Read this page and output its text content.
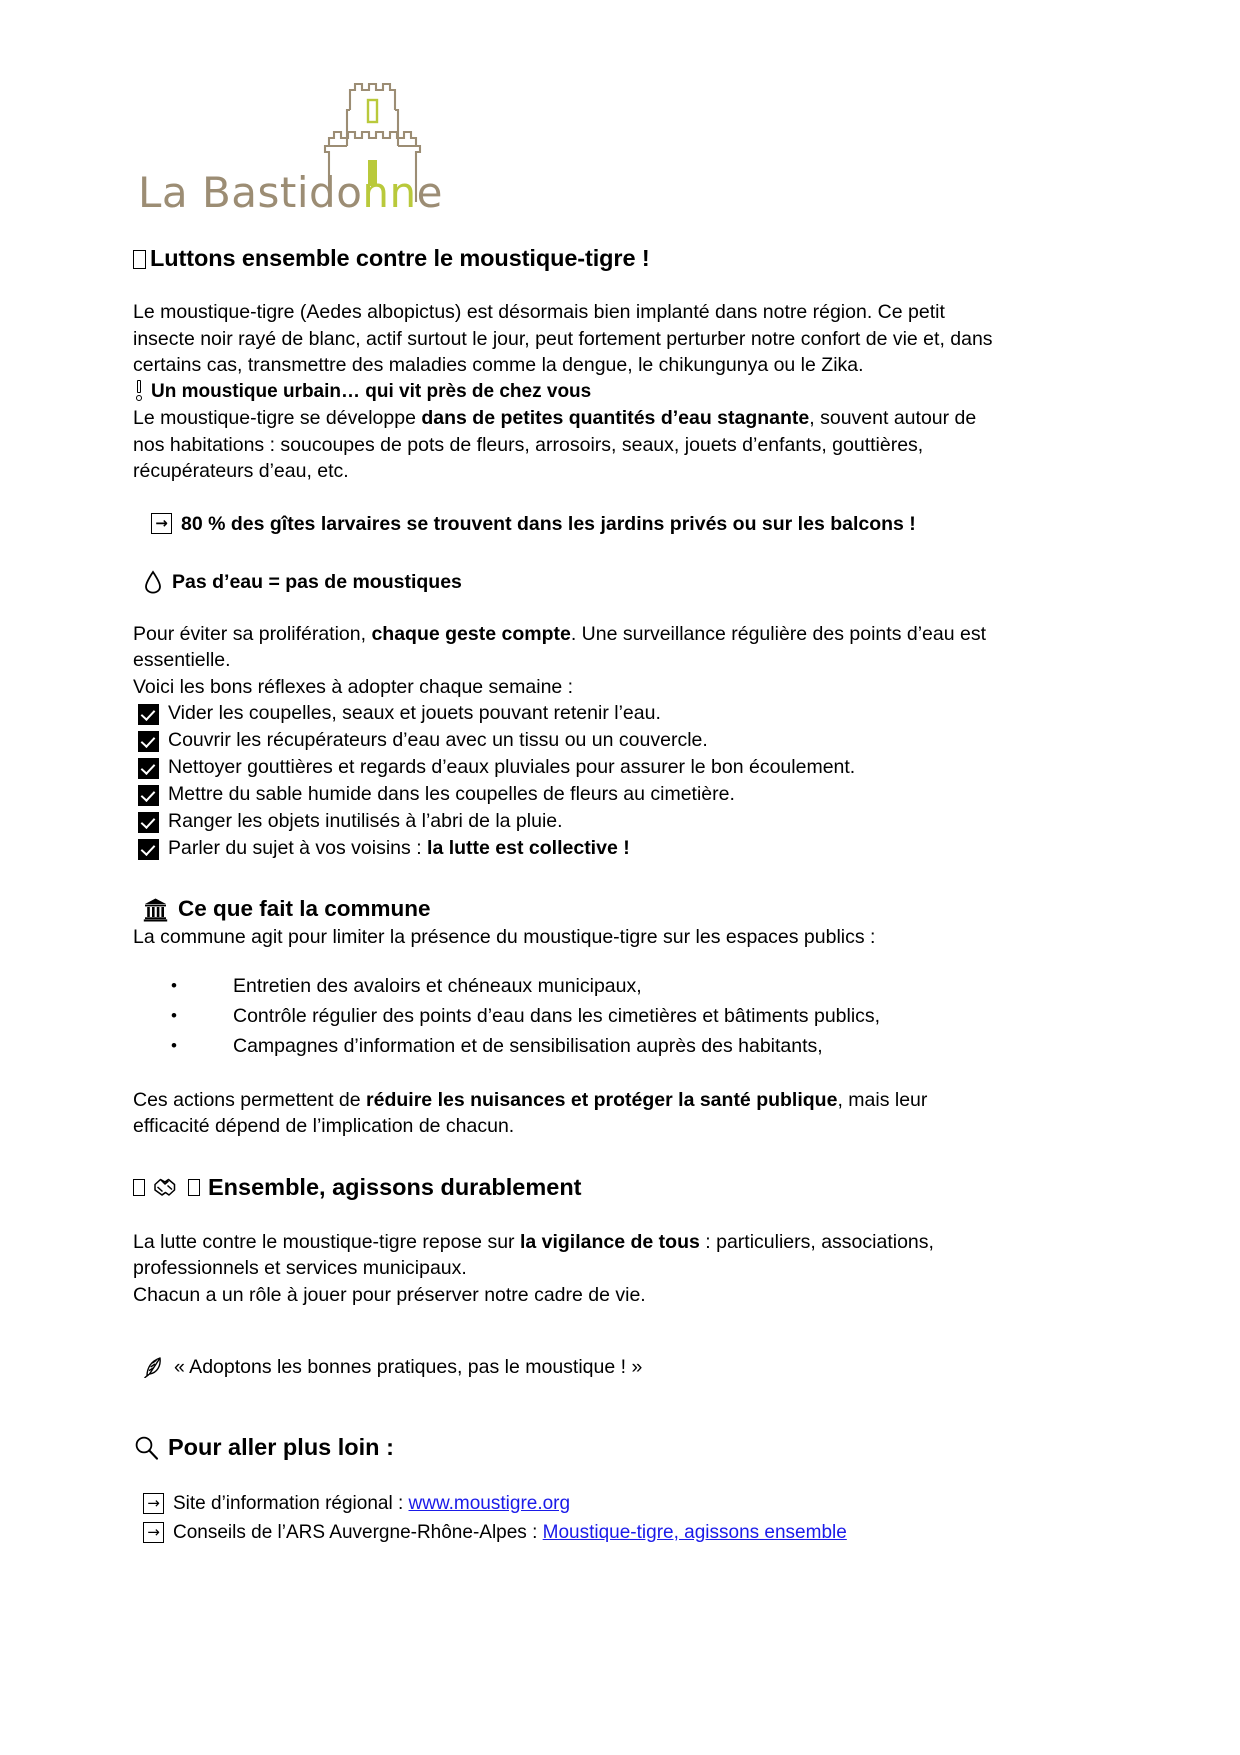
La Bastidonne
Luttons ensemble contre le moustique-tigre !

Le moustique-tigre (Aedes albopictus) est désormais bien implanté dans notre région. Ce petit insecte noir rayé de blanc, actif surtout le jour, peut fortement perturber notre confort de vie et, dans certains cas, transmettre des maladies comme la dengue, le chikungunya ou le Zika.

Un moustique urbain… qui vit près de chez vous

Le moustique-tigre se développe dans de petites quantités d’eau stagnante, souvent autour de nos habitations : soucoupes de pots de fleurs, arrosoirs, seaux, jouets d’enfants, gouttières, récupérateurs d’eau, etc.

→ 80 % des gîtes larvaires se trouvent dans les jardins privés ou sur les balcons !

Pas d’eau = pas de moustiques

Pour éviter sa prolifération, chaque geste compte. Une surveillance régulière des points d’eau est essentielle.

Voici les bons réflexes à adopter chaque semaine :

Vider les coupelles, seaux et jouets pouvant retenir l’eau.
Couvrir les récupérateurs d’eau avec un tissu ou un couvercle.
Nettoyer gouttières et regards d’eaux pluviales pour assurer le bon écoulement.
Mettre du sable humide dans les coupelles de fleurs au cimetière.
Ranger les objets inutilisés à l’abri de la pluie.
Parler du sujet à vos voisins : la lutte est collective !

Ce que fait la commune

La commune agit pour limiter la présence du moustique-tigre sur les espaces publics :

•	Entretien des avaloirs et chéneaux municipaux,
•	Contrôle régulier des points d’eau dans les cimetières et bâtiments publics,
•	Campagnes d’information et de sensibilisation auprès des habitants,

Ces actions permettent de réduire les nuisances et protéger la santé publique, mais leur efficacité dépend de l’implication de chacun.

Ensemble, agissons durablement

La lutte contre le moustique-tigre repose sur la vigilance de tous : particuliers, associations, professionnels et services municipaux.

Chacun a un rôle à jouer pour préserver notre cadre de vie.

« Adoptons les bonnes pratiques, pas le moustique ! »

Pour aller plus loin :

→ Site d’information régional : www.moustigre.org
→ Conseils de l’ARS Auvergne-Rhône-Alpes : Moustique-tigre, agissons ensemble
